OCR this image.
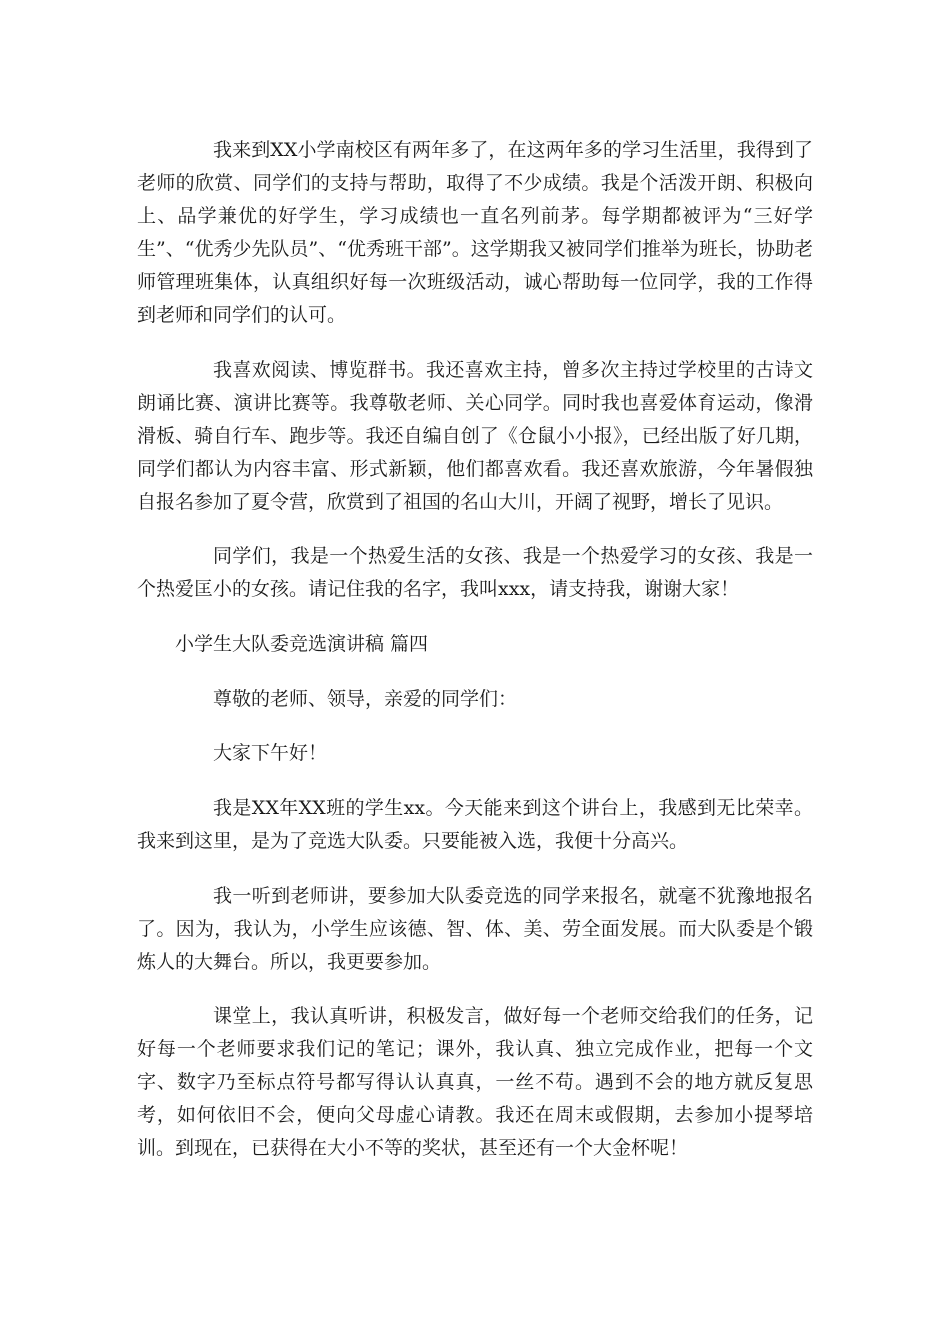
我来到XX小学南校区有两年多了，在这两年多的学习生活里，我得到了老师的欣赏、同学们的支持与帮助，取得了不少成绩。我是个活泼开朗、积极向上、品学兼优的好学生，学习成绩也一直名列前茅。每学期都被评为“三好学生”、“优秀少先队员”、“优秀班干部”。这学期我又被同学们推举为班长，协助老师管理班集体，认真组织好每一次班级活动，诚心帮助每一位同学，我的工作得到老师和同学们的认可。

我喜欢阅读、博览群书。我还喜欢主持，曾多次主持过学校里的古诗文朗诵比赛、演讲比赛等。我尊敬老师、关心同学。同时我也喜爱体育运动，像滑滑板、骑自行车、跑步等。我还自编自创了《仓鼠小小报》，已经出版了好几期，同学们都认为内容丰富、形式新颖，他们都喜欢看。我还喜欢旅游，今年暑假独自报名参加了夏令营，欣赏到了祖国的名山大川，开阔了视野，增长了见识。

同学们，我是一个热爱生活的女孩、我是一个热爱学习的女孩、我是一个热爱匡小的女孩。请记住我的名字，我叫xxx，请支持我，谢谢大家！

小学生大队委竞选演讲稿 篇四

尊敬的老师、领导，亲爱的同学们：

大家下午好！

我是XX年XX班的学生xx。今天能来到这个讲台上，我感到无比荣幸。我来到这里，是为了竞选大队委。只要能被入选，我便十分高兴。

我一听到老师讲，要参加大队委竞选的同学来报名，就毫不犹豫地报名了。因为，我认为，小学生应该德、智、体、美、劳全面发展。而大队委是个锻炼人的大舞台。所以，我更要参加。

课堂上，我认真听讲，积极发言，做好每一个老师交给我们的任务，记好每一个老师要求我们记的笔记；课外，我认真、独立完成作业，把每一个文字、数字乃至标点符号都写得认认真真，一丝不苟。遇到不会的地方就反复思考，如何依旧不会，便向父母虚心请教。我还在周末或假期，去参加小提琴培训。到现在，已获得在大小不等的奖状，甚至还有一个大金杯呢！
